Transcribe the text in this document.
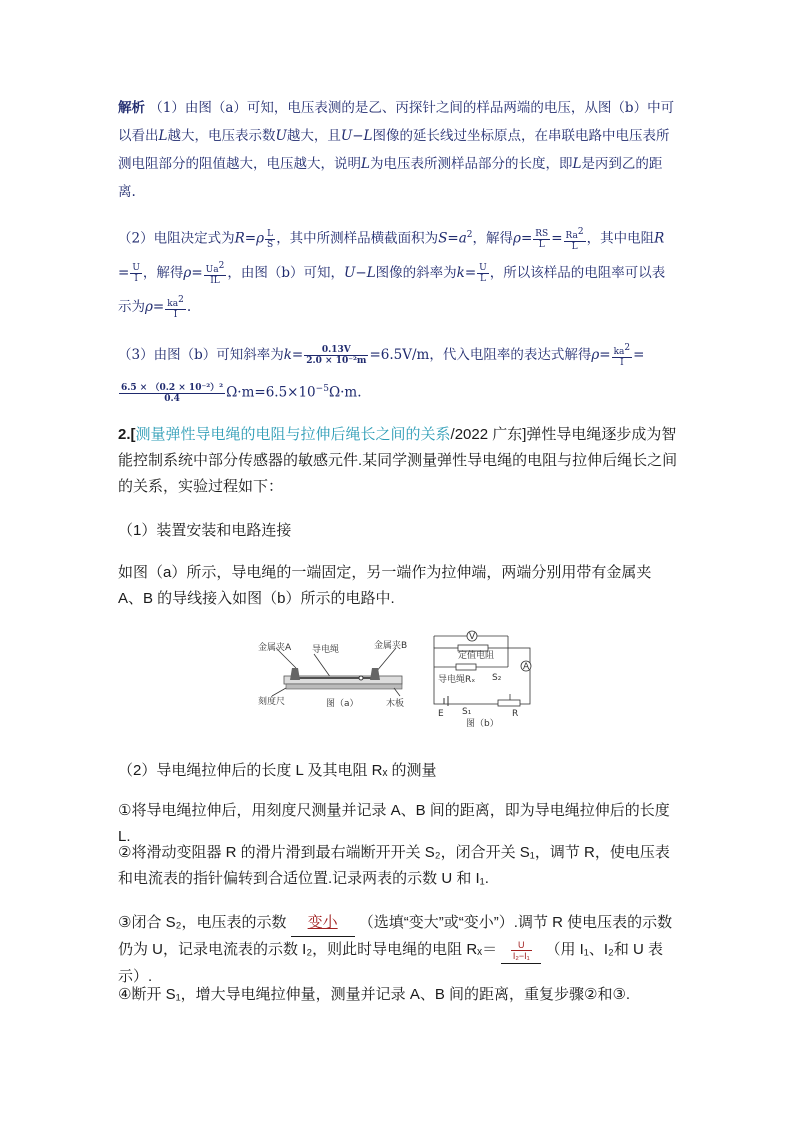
解析 （1）由图（a）可知，电压表测的是乙、丙探针之间的样品两端的电压，从图（b）中可以看出L越大，电压表示数U越大，且U−L图像的延长线过坐标原点，在串联电路中电压表所测电阻部分的阻值越大，电压越大，说明L为电压表所测样品部分的长度，即L是丙到乙的距离.
（2）电阻决定式为$R=\rho \frac{L}{S}$ ，其中所测样品横截面积为$S=a^2$，解得$\rho= \frac{RS}{L} = \frac{Ra2}{L}$ ，其中电阻R
= $\frac{U}{I}$ ，解得$\rho= \frac{Ua2}{IL}$ ，由图（b）可知，U−L图像的斜率为$k= \frac{U}{L}$ ，所以该样品的电阻率可以表示为$\rho= \frac{ka2}{I}$ .
（3）由图（b）可知斜率为$k= \frac{0.13V}{\text{2.0 × 10⁻²m}} =6.5V/m$，代入电阻率的表达式解得$\rho= \frac{ka2}{I}$ =

$\frac{\text{6.5 × （0.2 × 10⁻²）²}}{0.4} \Omega\cdot m=6.5\times 10^{-5}\Omega\cdot m$.
2.[测量弹性导电绳的电阻与拉伸后绳长之间的关系/2022 广东]弹性导电绳逐步成为智能控制系统中部分传感器的敏感元件.某同学测量弹性导电绳的电阻与拉伸后绳长之间的关系，实验过程如下：
（1）装置安装和电路连接
如图（a）所示，导电绳的一端固定，另一端作为拉伸端，两端分别用带有金属夹 A、B 的导线接入如图（b）所示的电路中.
金属夹A 导电绳	金属夹B
刻度尺	木板
图（a）
V
A
定值电阻
导电绳Rₓ S₂
E S₁	R
图（b）
（2）导电绳拉伸后的长度 L 及其电阻 Rₓ 的测量
①将导电绳拉伸后，用刻度尺测量并记录 A、B 间的距离，即为导电绳拉伸后的长度 L.
②将滑动变阻器 R 的滑片滑到最右端断开开关 S₂，闭合开关 S₁，调节 R，使电压表和电流表的指针偏转到合适位置.记录两表的示数 U 和 I₁.
③闭合 S₂，电压表的示数 变小 （选填“变大”或“变小”）.调节 R 使电压表的示数仍为 U，记录电流表的示数 I₂，则此时导电绳的电阻 $R_x= \frac{U}{\text{I₂−I₁}}$ （用 I₁、I₂和 U 表示）.
④断开 S₁，增大导电绳拉伸量，测量并记录 A、B 间的距离，重复步骤②和③.
